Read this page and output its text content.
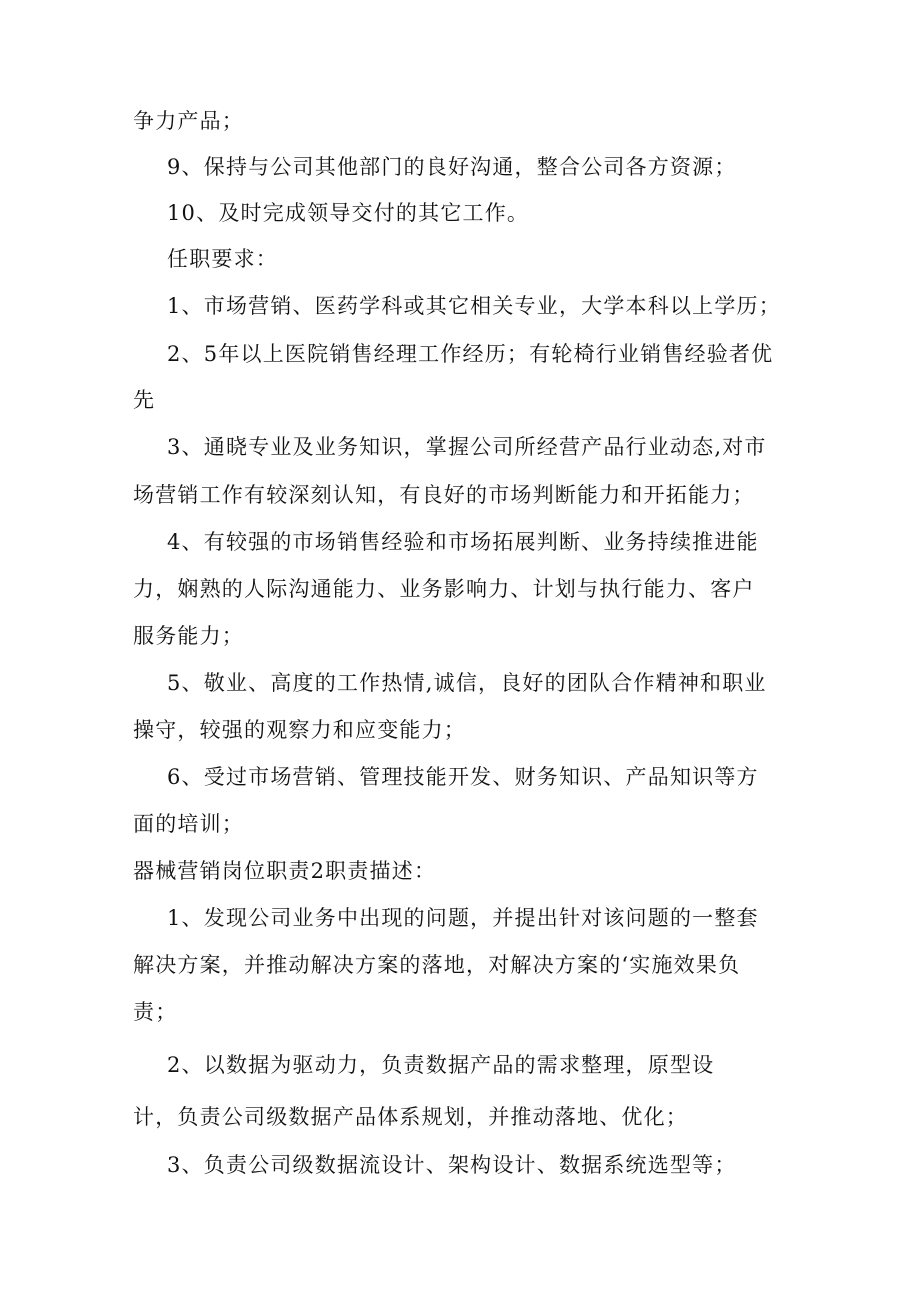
争力产品；
9、保持与公司其他部门的良好沟通，整合公司各方资源；
10、及时完成领导交付的其它工作。
任职要求：
1、市场营销、医药学科或其它相关专业，大学本科以上学历；
2、5年以上医院销售经理工作经历；有轮椅行业销售经验者优
先
3、通晓专业及业务知识，掌握公司所经营产品行业动态,对市
场营销工作有较深刻认知，有良好的市场判断能力和开拓能力；
4、有较强的市场销售经验和市场拓展判断、业务持续推进能
力，娴熟的人际沟通能力、业务影响力、计划与执行能力、客户
服务能力；
5、敬业、高度的工作热情,诚信，良好的团队合作精神和职业
操守，较强的观察力和应变能力；
6、受过市场营销、管理技能开发、财务知识、产品知识等方
面的培训；
器械营销岗位职责2职责描述：
1、发现公司业务中出现的问题，并提出针对该问题的一整套
解决方案，并推动解决方案的落地，对解决方案的‘实施效果负
责；
2、以数据为驱动力，负责数据产品的需求整理，原型设
计，负责公司级数据产品体系规划，并推动落地、优化；
3、负责公司级数据流设计、架构设计、数据系统选型等；
